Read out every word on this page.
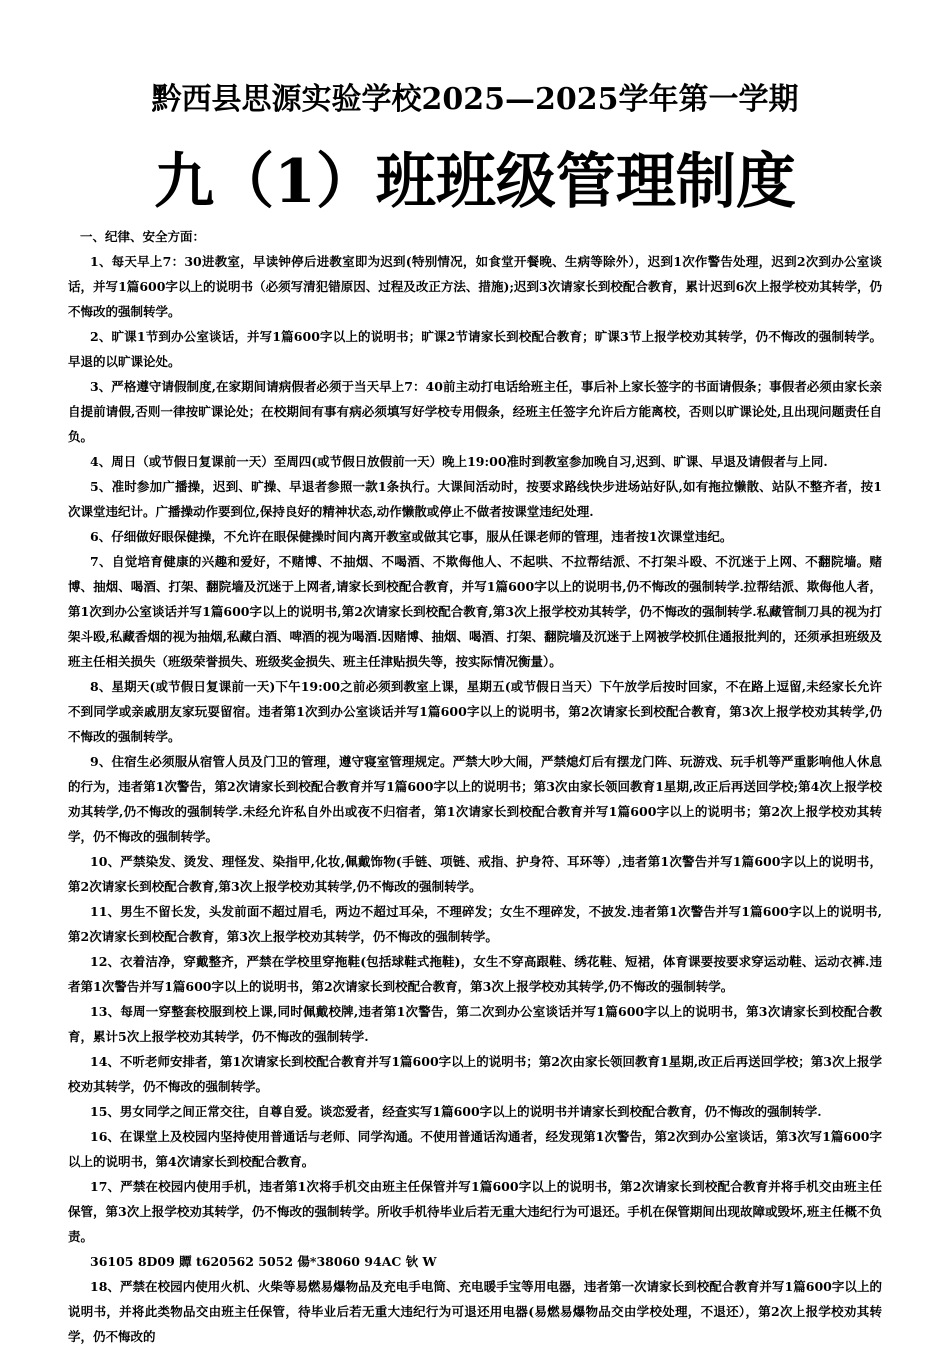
黔西县思源实验学校2025—2025学年第一学期
九（1）班班级管理制度

一、纪律、安全方面：

1、每天早上7：30进教室，早读钟停后进教室即为迟到(特别情况，如食堂开餐晚、生病等除外），迟到1次作警告处理，迟到2次到办公室谈话，并写1篇600字以上的说明书（必须写清犯错原因、过程及改正方法、措施);迟到3次请家长到校配合教育，累计迟到6次上报学校劝其转学，仍不悔改的强制转学。

2、旷课1节到办公室谈话，并写1篇600字以上的说明书；旷课2节请家长到校配合教育；旷课3节上报学校劝其转学，仍不悔改的强制转学。早退的以旷课论处。

3、严格遵守请假制度,在家期间请病假者必须于当天早上7：40前主动打电话给班主任，事后补上家长签字的书面请假条；事假者必须由家长亲自提前请假,否则一律按旷课论处；在校期间有事有病必须填写好学校专用假条，经班主任签字允许后方能离校，否则以旷课论处,且出现问题责任自负。

4、周日（或节假日复课前一天）至周四(或节假日放假前一天）晚上19:00准时到教室参加晚自习,迟到、旷课、早退及请假者与上同.

5、准时参加广播操，迟到、旷操、早退者参照一款1条执行。大课间活动时，按要求路线快步进场站好队,如有拖拉懒散、站队不整齐者，按1次课堂违纪计。广播操动作要到位,保持良好的精神状态,动作懒散或停止不做者按课堂违纪处理.

6、仔细做好眼保健操，不允许在眼保健操时间内离开教室或做其它事，服从任课老师的管理，违者按1次课堂违纪。

7、自觉培育健康的兴趣和爱好，不赌博、不抽烟、不喝酒、不欺侮他人、不起哄、不拉帮结派、不打架斗殴、不沉迷于上网、不翻院墙。赌博、抽烟、喝酒、打架、翻院墙及沉迷于上网者,请家长到校配合教育，并写1篇600字以上的说明书,仍不悔改的强制转学.拉帮结派、欺侮他人者，第1次到办公室谈话并写1篇600字以上的说明书,第2次请家长到校配合教育,第3次上报学校劝其转学，仍不悔改的强制转学.私藏管制刀具的视为打架斗殴,私藏香烟的视为抽烟,私藏白酒、啤酒的视为喝酒.因赌博、抽烟、喝酒、打架、翻院墙及沉迷于上网被学校抓住通报批判的，还须承担班级及班主任相关损失（班级荣誉损失、班级奖金损失、班主任津贴损失等，按实际情况衡量）。

8、星期天(或节假日复课前一天)下午19:00之前必须到教室上课，星期五(或节假日当天）下午放学后按时回家，不在路上逗留,未经家长允许不到同学或亲戚朋友家玩耍留宿。违者第1次到办公室谈话并写1篇600字以上的说明书，第2次请家长到校配合教育，第3次上报学校劝其转学,仍不悔改的强制转学。

9、住宿生必须服从宿管人员及门卫的管理，遵守寝室管理规定。严禁大吵大闹，严禁熄灯后有摆龙门阵、玩游戏、玩手机等严重影响他人休息的行为，违者第1次警告，第2次请家长到校配合教育并写1篇600字以上的说明书；第3次由家长领回教育1星期,改正后再送回学校;第4次上报学校劝其转学,仍不悔改的强制转学.未经允许私自外出或夜不归宿者，第1次请家长到校配合教育并写1篇600字以上的说明书；第2次上报学校劝其转学，仍不悔改的强制转学。

10、严禁染发、烫发、理怪发、染指甲,化妆,佩戴饰物(手链、项链、戒指、护身符、耳环等）,违者第1次警告并写1篇600字以上的说明书，第2次请家长到校配合教育,第3次上报学校劝其转学,仍不悔改的强制转学。

11、男生不留长发，头发前面不超过眉毛，两边不超过耳朵，不理碎发；女生不理碎发，不披发.违者第1次警告并写1篇600字以上的说明书,第2次请家长到校配合教育，第3次上报学校劝其转学，仍不悔改的强制转学。

12、衣着洁净，穿戴整齐，严禁在学校里穿拖鞋(包括球鞋式拖鞋)，女生不穿高跟鞋、绣花鞋、短裙，体育课要按要求穿运动鞋、运动衣裤.违者第1次警告并写1篇600字以上的说明书，第2次请家长到校配合教育，第3次上报学校劝其转学,仍不悔改的强制转学。

13、每周一穿整套校服到校上课,同时佩戴校牌,违者第1次警告，第二次到办公室谈话并写1篇600字以上的说明书，第3次请家长到校配合教育，累计5次上报学校劝其转学，仍不悔改的强制转学.

14、不听老师安排者，第1次请家长到校配合教育并写1篇600字以上的说明书；第2次由家长领回教育1星期,改正后再送回学校；第3次上报学校劝其转学，仍不悔改的强制转学。

15、男女同学之间正常交往，自尊自爱。谈恋爱者，经查实写1篇600字以上的说明书并请家长到校配合教育，仍不悔改的强制转学.

16、在课堂上及校园内坚持使用普通话与老师、同学沟通。不使用普通话沟通者，经发现第1次警告，第2次到办公室谈话，第3次写1篇600字以上的说明书，第4次请家长到校配合教育。

17、严禁在校园内使用手机，违者第1次将手机交由班主任保管并写1篇600字以上的说明书，第2次请家长到校配合教育并将手机交由班主任保管，第3次上报学校劝其转学，仍不悔改的强制转学。所收手机待毕业后若无重大违纪行为可退还。手机在保管期间出现故障或毁坏,班主任概不负责。

36105 8D09 贉 t620562 5052 偒*38060 94AC 钬 W

18、严禁在校园内使用火机、火柴等易燃易爆物品及充电手电筒、充电暖手宝等用电器，违者第一次请家长到校配合教育并写1篇600字以上的说明书，并将此类物品交由班主任保管，待毕业后若无重大违纪行为可退还用电器(易燃易爆物品交由学校处理，不退还），第2次上报学校劝其转学，仍不悔改的
